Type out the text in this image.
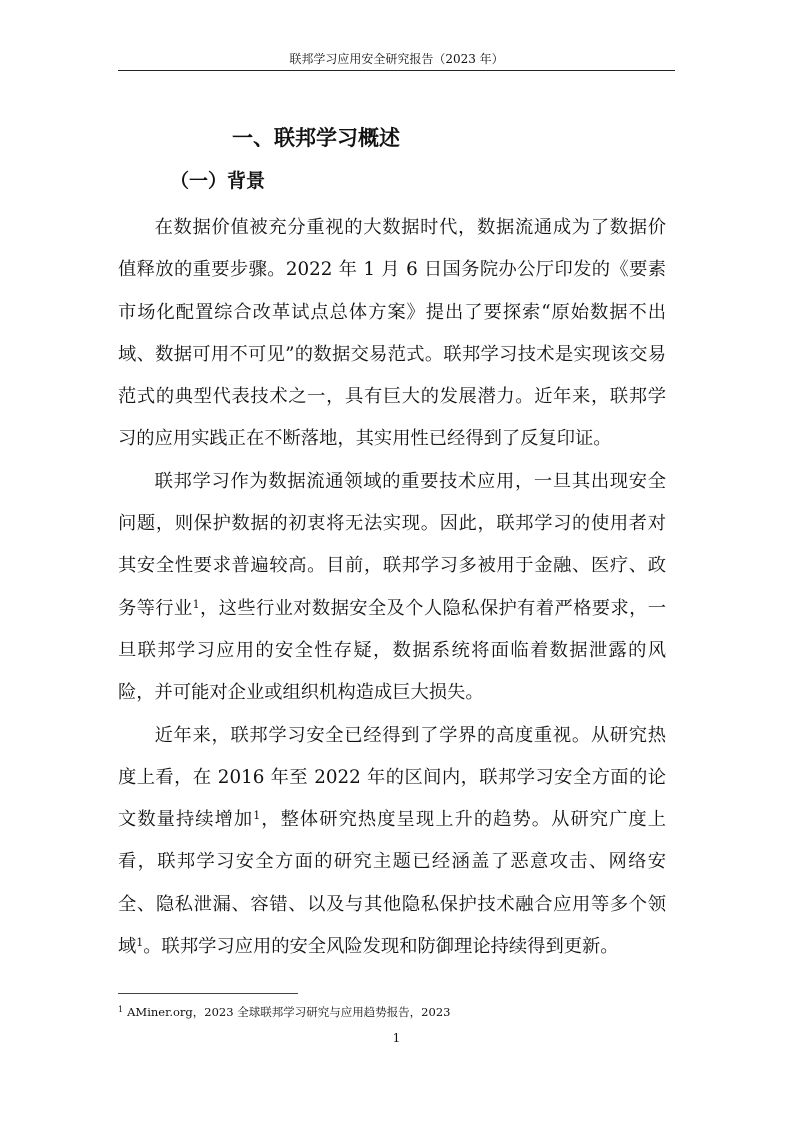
联邦学习应用安全研究报告（2023 年）
一、联邦学习概述
（一）背景

在数据价值被充分重视的大数据时代，数据流通成为了数据价值释放的重要步骤。2022 年 1 月 6 日国务院办公厅印发的《要素市场化配置综合改革试点总体方案》提出了要探索“原始数据不出域、数据可用不可见”的数据交易范式。联邦学习技术是实现该交易范式的典型代表技术之一，具有巨大的发展潜力。近年来，联邦学习的应用实践正在不断落地，其实用性已经得到了反复印证。

联邦学习作为数据流通领域的重要技术应用，一旦其出现安全问题，则保护数据的初衷将无法实现。因此，联邦学习的使用者对其安全性要求普遍较高。目前，联邦学习多被用于金融、医疗、政务等行业$^1$，这些行业对数据安全及个人隐私保护有着严格要求，一旦联邦学习应用的安全性存疑，数据系统将面临着数据泄露的风险，并可能对企业或组织机构造成巨大损失。

近年来，联邦学习安全已经得到了学界的高度重视。从研究热度上看，在 2016 年至 2022 年的区间内，联邦学习安全方面的论文数量持续增加$^1$，整体研究热度呈现上升的趋势。从研究广度上看，联邦学习安全方面的研究主题已经涵盖了恶意攻击、网络安全、隐私泄漏、容错、以及与其他隐私保护技术融合应用等多个领域$^1$。联邦学习应用的安全风险发现和防御理论持续得到更新。

$^1$ AMiner.org，2023 全球联邦学习研究与应用趋势报告，2023
1
